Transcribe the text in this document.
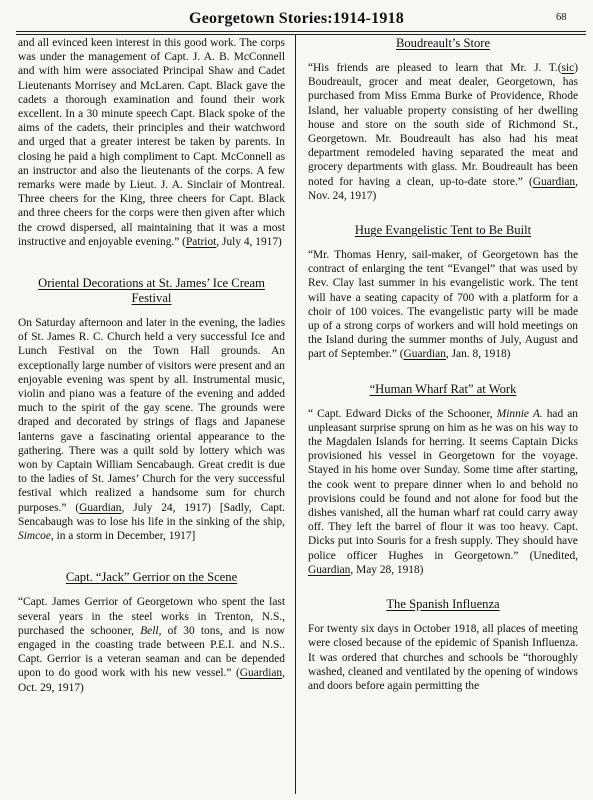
Georgetown Stories:1914-1918	68

and all evinced keen interest in this good work. The corps was under the management of Capt. J. A. B. McConnell and with him were associated Principal Shaw and Cadet Lieutenants Morrisey and McLaren. Capt. Black gave the cadets a thorough examination and found their work excellent. In a 30 minute speech Capt. Black spoke of the aims of the cadets, their principles and their watchword and urged that a greater interest be taken by parents. In closing he paid a high compliment to Capt. McConnell as an instructor and also the lieutenants of the corps. A few remarks were made by Lieut. J. A. Sinclair of Montreal. Three cheers for the King, three cheers for Capt. Black and three cheers for the corps were then given after which the crowd dispersed, all maintaining that it was a most instructive and enjoyable evening.” (Patriot, July 4, 1917)

Oriental Decorations at St. James’ Ice Cream Festival

On Saturday afternoon and later in the evening, the ladies of St. James R. C. Church held a very successful Ice and Lunch Festival on the Town Hall grounds. An exceptionally large number of visitors were present and an enjoyable evening was spent by all. Instrumental music, violin and piano was a feature of the evening and added much to the spirit of the gay scene. The grounds were draped and decorated by strings of flags and Japanese lanterns gave a fascinating oriental appearance to the gathering. There was a quilt sold by lottery which was won by Captain William Sencabaugh. Great credit is due to the ladies of St. James’ Church for the very successful festival which realized a handsome sum for church purposes.” (Guardian, July 24, 1917) [Sadly, Capt. Sencabaugh was to lose his life in the sinking of the ship, Simcoe, in a storm in December, 1917]

Capt. “Jack” Gerrior on the Scene

“Capt. James Gerrior of Georgetown who spent the last several years in the steel works in Trenton, N.S., purchased the schooner, Bell, of 30 tons, and is now engaged in the coasting trade between P.E.I. and N.S.. Capt. Gerrior is a veteran seaman and can be depended upon to do good work with his new vessel.” (Guardian, Oct. 29, 1917)

Boudreault’s Store

“His friends are pleased to learn that Mr. J. T.(sic) Boudreault, grocer and meat dealer, Georgetown, has purchased from Miss Emma Burke of Providence, Rhode Island, her valuable property consisting of her dwelling house and store on the south side of Richmond St., Georgetown. Mr. Boudreault has also had his meat department remodeled having separated the meat and grocery departments with glass. Mr. Boudreault has been noted for having a clean, up-to-date store.” (Guardian, Nov. 24, 1917)

Huge Evangelistic Tent to Be Built

“Mr. Thomas Henry, sail-maker, of Georgetown has the contract of enlarging the tent “Evangel” that was used by Rev. Clay last summer in his evangelistic work. The tent will have a seating capacity of 700 with a platform for a choir of 100 voices. The evangelistic party will be made up of a strong corps of workers and will hold meetings on the Island during the summer months of July, August and part of September.” (Guardian, Jan. 8, 1918)

“Human Wharf Rat” at Work

“ Capt. Edward Dicks of the Schooner, Minnie A. had an unpleasant surprise sprung on him as he was on his way to the Magdalen Islands for herring. It seems Captain Dicks provisioned his vessel in Georgetown for the voyage. Stayed in his home over Sunday. Some time after starting, the cook went to prepare dinner when lo and behold no provisions could be found and not alone for food but the dishes vanished, all the human wharf rat could carry away off. They left the barrel of flour it was too heavy. Capt. Dicks put into Souris for a fresh supply. They should have police officer Hughes in Georgetown.” (Unedited, Guardian, May 28, 1918)

The Spanish Influenza

For twenty six days in October 1918, all places of meeting were closed because of the epidemic of Spanish Influenza. It was ordered that churches and schools be “thoroughly washed, cleaned and ventilated by the opening of windows and doors before again permitting the
